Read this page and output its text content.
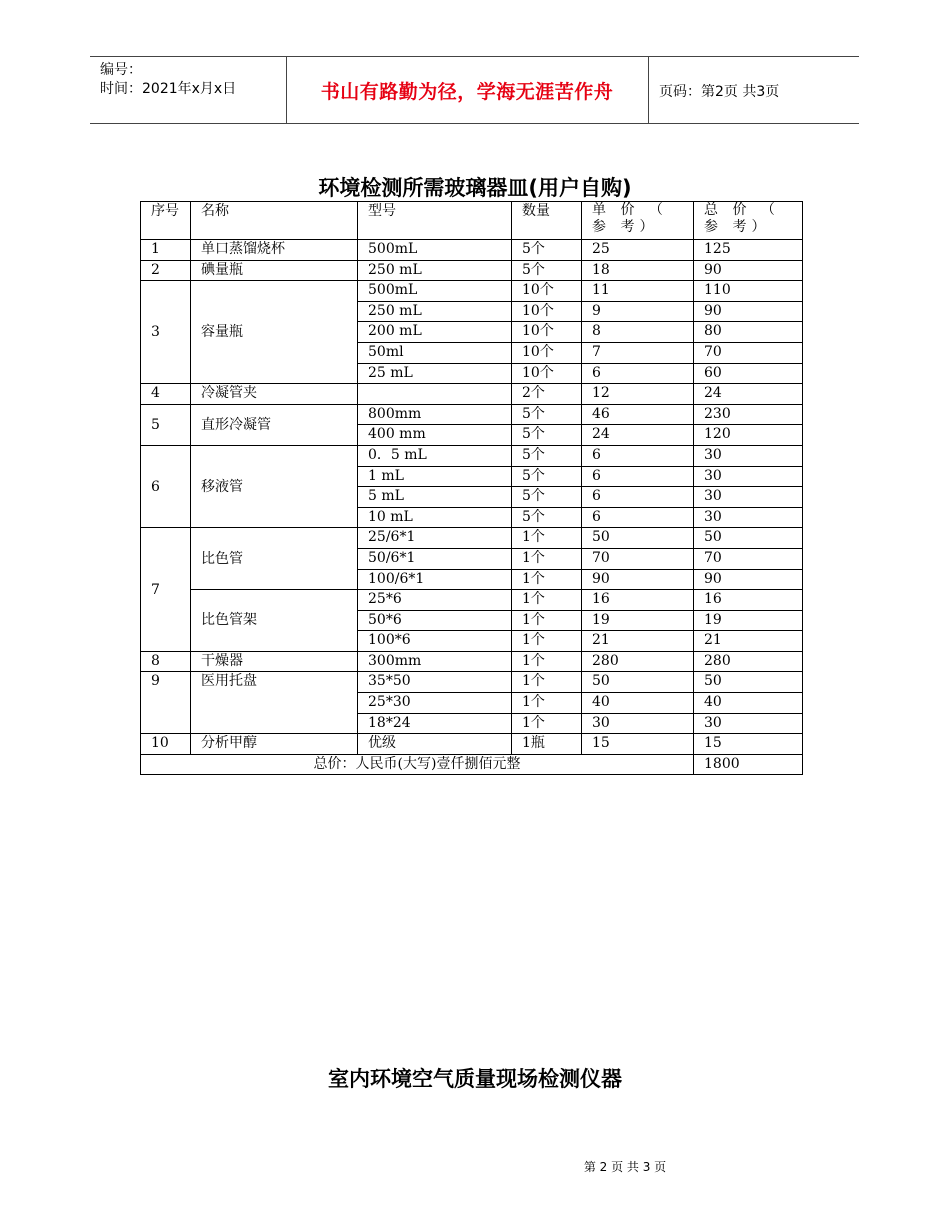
编号：
时间：2021年x月x日	书山有路勤为径，学海无涯苦作舟	页码：第2页 共3页
环境检测所需玻璃器皿(用户自购)
序号	名称	型号	数量	单 价 （ 参 考）	总 价 （ 参 考）
1	单口蒸馏烧杯	500mL	5个	25	125
2	碘量瓶	250 mL	5个	18	90
3	容量瓶	500mL	10个	11	110
		250 mL	10个	9	90
		200 mL	10个	8	80
		50ml	10个	7	70
		25 mL	10个	6	60
4	冷凝管夹		2个	12	24
5	直形冷凝管	800mm	5个	46	230
		400 mm	5个	24	120
6	移液管	0．5 mL	5个	6	30
		1 mL	5个	6	30
		5 mL	5个	6	30
		10 mL	5个	6	30
7	比色管	25/6*1	1个	50	50
		50/6*1	1个	70	70
		100/6*1	1个	90	90
	比色管架	25*6	1个	16	16
		50*6	1个	19	19
		100*6	1个	21	21
8	干燥器	300mm	1个	280	280
9	医用托盘	35*50	1个	50	50
		25*30	1个	40	40
		18*24	1个	30	30
10	分析甲醇	优级	1瓶	15	15
总价：人民币(大写)壹仟捌佰元整					1800
室内环境空气质量现场检测仪器
第 2 页 共 3 页
